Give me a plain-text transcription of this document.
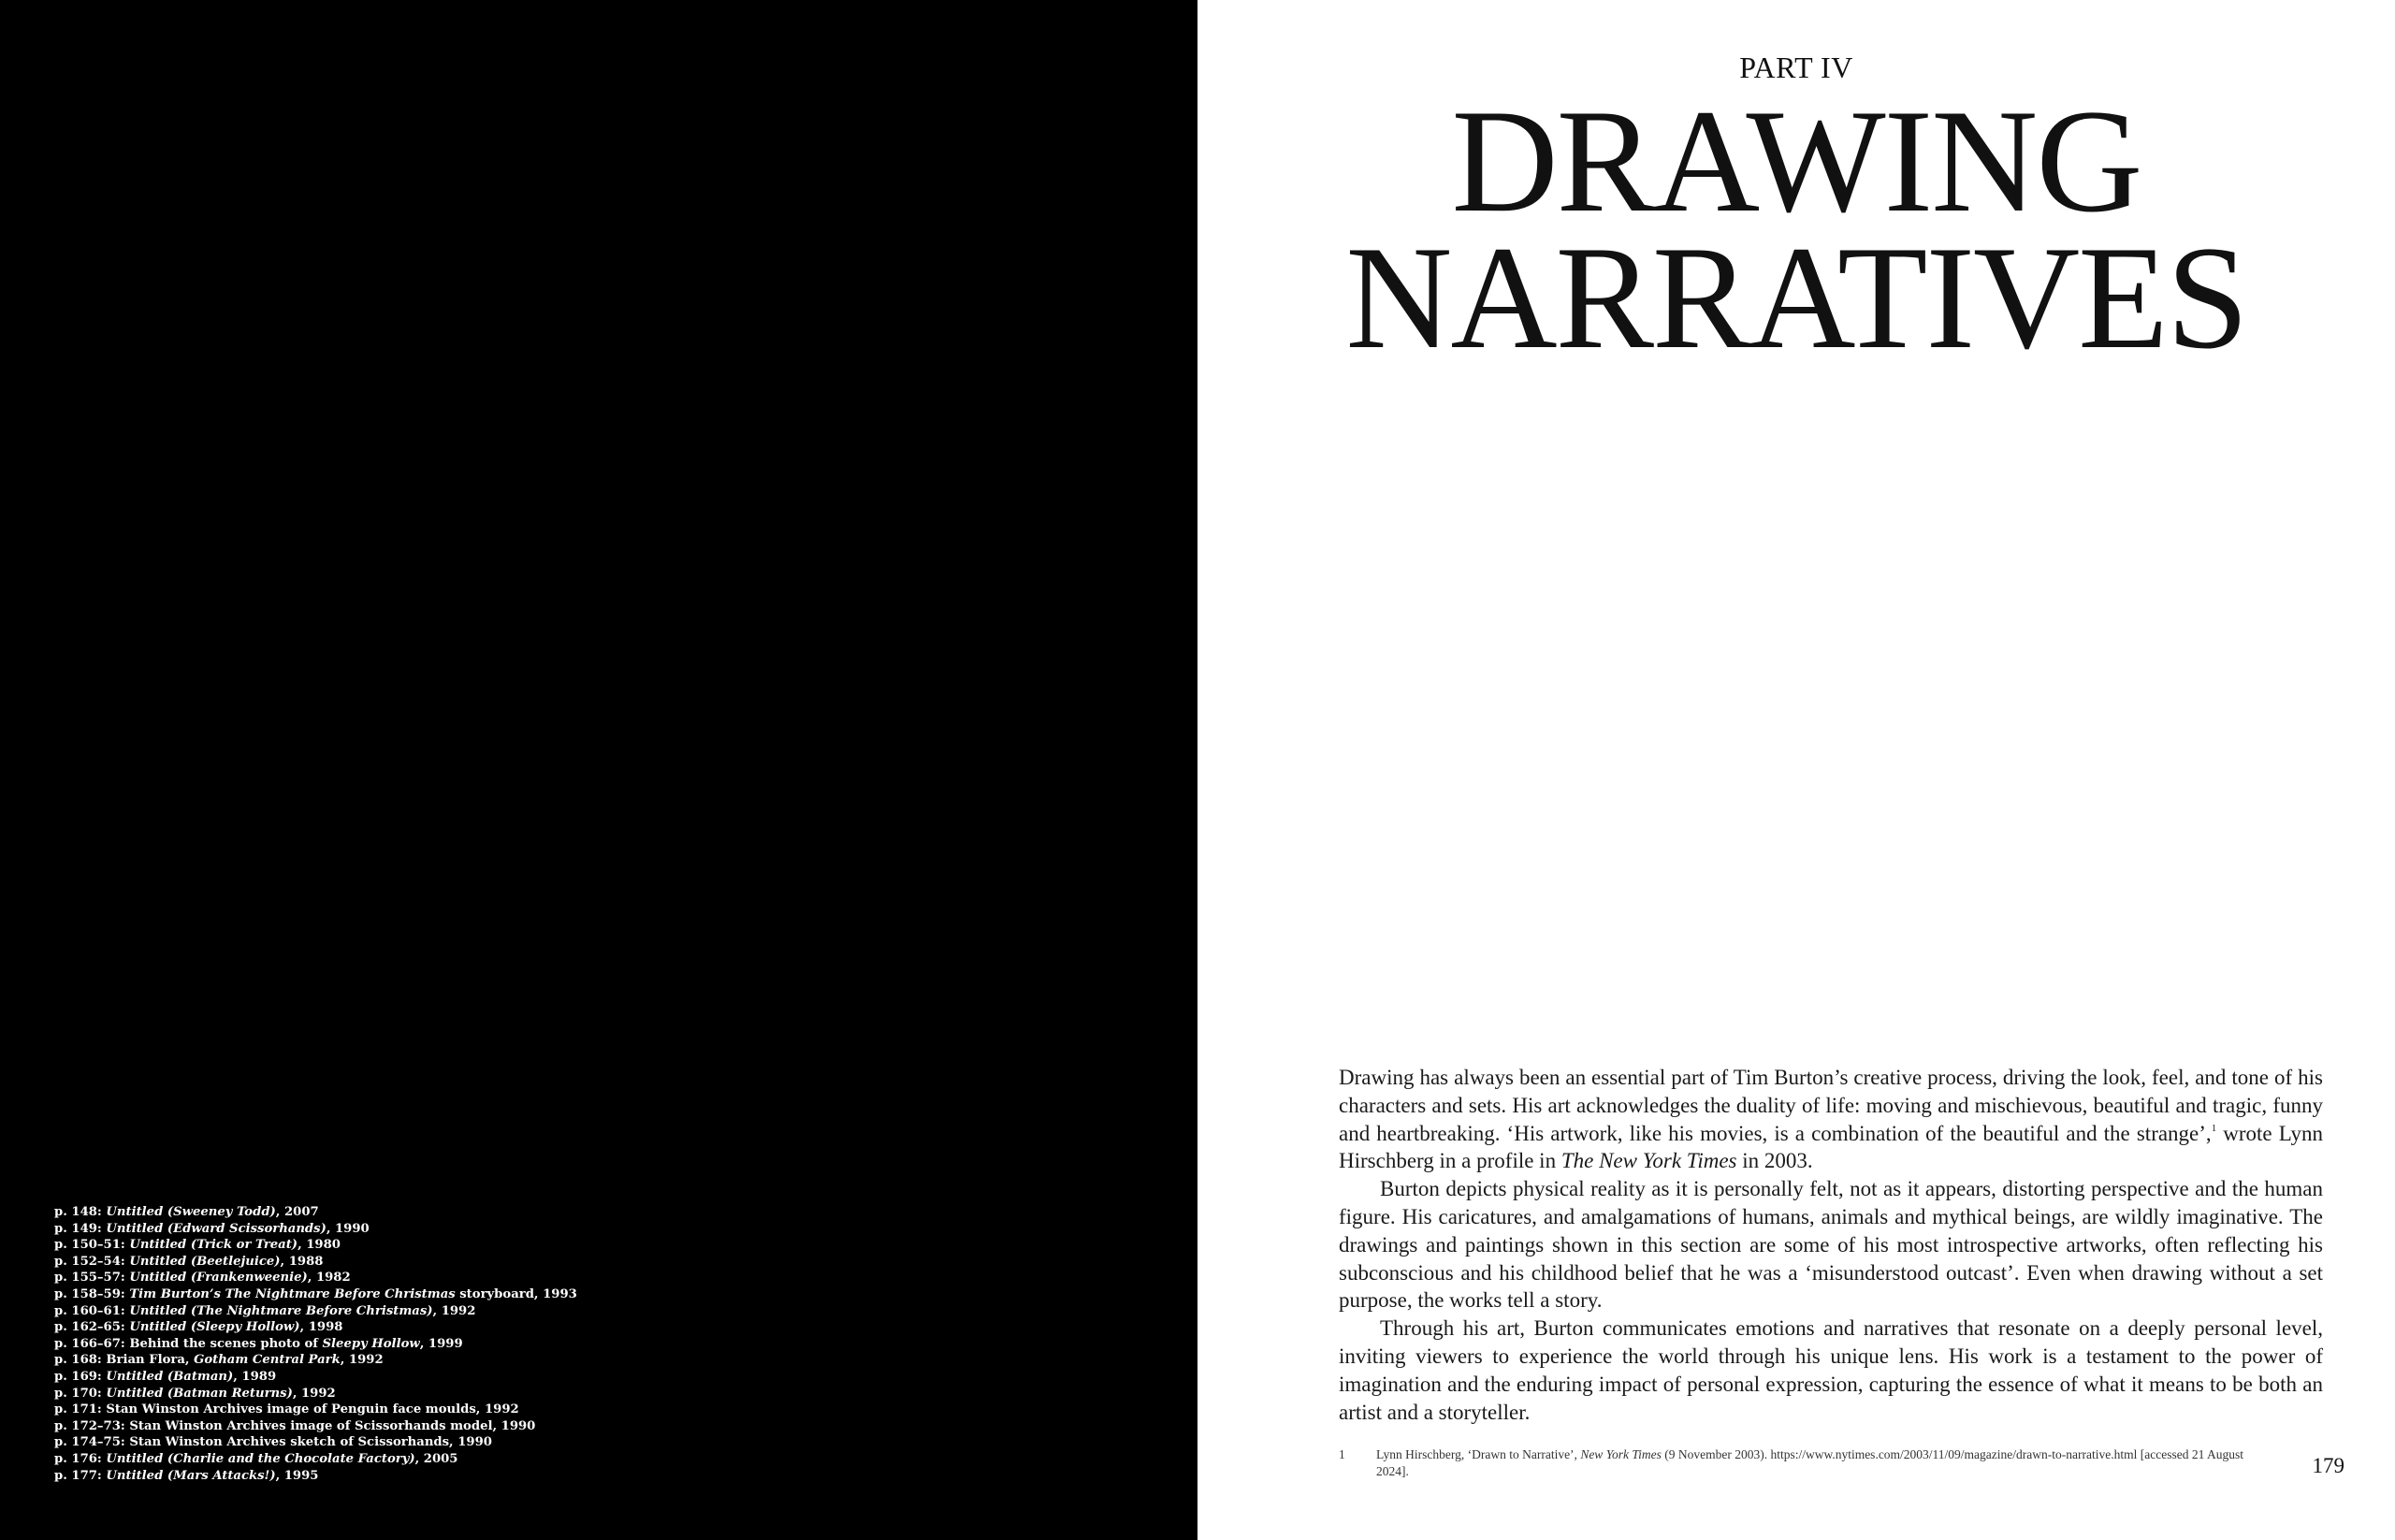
p. 148: Untitled (Sweeney Todd), 2007
p. 149: Untitled (Edward Scissorhands), 1990
p. 150–51: Untitled (Trick or Treat), 1980
p. 152–54: Untitled (Beetlejuice), 1988
p. 155–57: Untitled (Frankenweenie), 1982
p. 158–59: Tim Burton’s The Nightmare Before Christmas storyboard, 1993
p. 160–61: Untitled (The Nightmare Before Christmas), 1992
p. 162–65: Untitled (Sleepy Hollow), 1998
p. 166–67: Behind the scenes photo of Sleepy Hollow, 1999
p. 168: Brian Flora, Gotham Central Park, 1992
p. 169: Untitled (Batman), 1989
p. 170: Untitled (Batman Returns), 1992
p. 171: Stan Winston Archives image of Penguin face moulds, 1992
p. 172–73: Stan Winston Archives image of Scissorhands model, 1990
p. 174–75: Stan Winston Archives sketch of Scissorhands, 1990
p. 176: Untitled (Charlie and the Chocolate Factory), 2005
p. 177: Untitled (Mars Attacks!), 1995
PART IV
DRAWING
NARRATIVES

Drawing has always been an essential part of Tim Burton’s creative process, driving the look, feel, and tone of his characters and sets. His art acknowledges the duality of life: moving and mischievous, beautiful and tragic, funny and heartbreaking. ‘His artwork, like his movies, is a combination of the beautiful and the strange’,$^1$ wrote Lynn Hirschberg in a profile in The New York Times in 2003.

Burton depicts physical reality as it is personally felt, not as it appears, distorting perspective and the human figure. His caricatures, and amalgamations of humans, animals and mythical beings, are wildly imaginative. The drawings and paintings shown in this section are some of his most introspective artworks, often reflecting his subconscious and his childhood belief that he was a ‘misunderstood outcast’. Even when drawing without a set purpose, the works tell a story.

Through his art, Burton communicates emotions and narratives that resonate on a deeply personal level, inviting viewers to experience the world through his unique lens. His work is a testament to the power of imagination and the enduring impact of personal expression, capturing the essence of what it means to be both an artist and a storyteller.

1	Lynn Hirschberg, ‘Drawn to Narrative’, New York Times (9 November 2003). https://www.nytimes.com/2003/11/09/magazine/drawn-to-narrative.html [accessed 21 August 2024].	179
